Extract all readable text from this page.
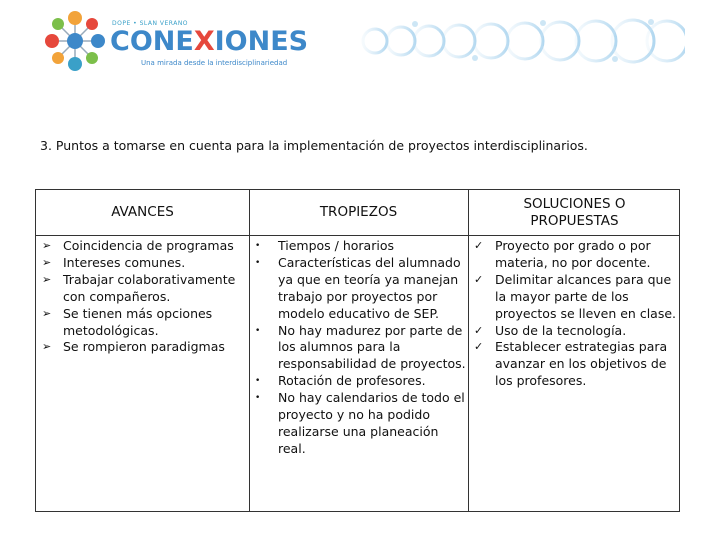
DOPE • SLAN VERANO
CONEXIONES
Una mirada desde la interdisciplinariedad
3. Puntos a tomarse en cuenta para la implementación de proyectos interdisciplinarios.
AVANCES	TROPIEZOS
SOLUCIONES O
PROPUESTAS
➢ Coincidencia de programas
➢ Intereses comunes.
➢ Trabajar colaborativamente con compañeros.
➢ Se tienen más opciones metodológicas.
➢ Se rompieron paradigmas
• Tiempos / horarios
• Características del alumnado ya que en teoría ya manejan trabajo por proyectos por modelo educativo de SEP.
• No hay madurez por parte de los alumnos para la responsabilidad de proyectos.
• Rotación de profesores.
• No hay calendarios de todo el proyecto y no ha podido realizarse una planeación real.
✓ Proyecto por grado o por materia, no por docente.
✓ Delimitar alcances para que la mayor parte de los proyectos se lleven en clase.
✓ Uso de la tecnología.
✓ Establecer estrategias para avanzar en los objetivos de los profesores.
